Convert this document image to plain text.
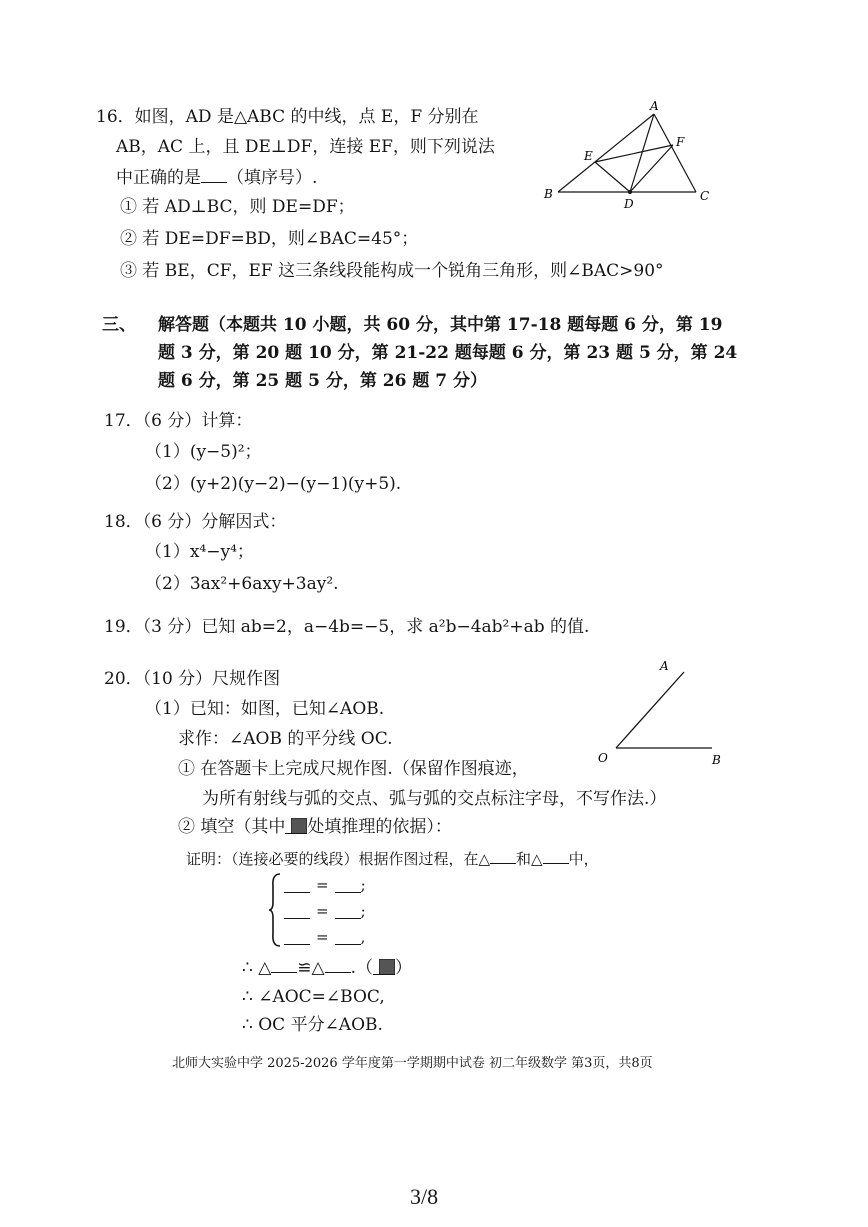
16．如图，AD 是△ABC 的中线，点 E，F 分别在
AB，AC 上，且 DE⊥DF，连接 EF，则下列说法
中正确的是 （填序号）.
① 若 AD⊥BC，则 DE=DF；
② 若 DE=DF=BD，则∠BAC=45°；
③ 若 BE，CF，EF 这三条线段能构成一个锐角三角形，则∠BAC>90°
A
B	C
D
E
F
三、 解答题（本题共 10 小题，共 60 分，其中第 17-18 题每题 6 分，第 19
题 3 分，第 20 题 10 分，第 21-22 题每题 6 分，第 23 题 5 分，第 24
题 6 分，第 25 题 5 分，第 26 题 7 分）
17．（6 分）计算：
（1）(y−5)²；
（2）(y+2)(y−2)−(y−1)(y+5).
18．（6 分）分解因式：
（1）x⁴−y⁴；
（2）3ax²+6axy+3ay².
19．（3 分）已知 ab=2，a−4b=−5，求 a²b−4ab²+ab 的值.
20．（10 分）尺规作图
（1）已知：如图，已知∠AOB.
求作：∠AOB 的平分线 OC.
① 在答题卡上完成尺规作图.（保留作图痕迹，
为所有射线与弧的交点、弧与弧的交点标注字母，不写作法.）
② 填空（其中 处填推理的依据）：
证明：（连接必要的线段）根据作图过程，在△ 和△ 中，
= ;
= ;
= ,
∴ △ ≌△ .（ ）
∴ ∠AOC=∠BOC,
∴ OC 平分∠AOB.
A
O	B
北师大实验中学 2025-2026 学年度第一学期期中试卷 初二年级数学 第3页，共8页
3/8
